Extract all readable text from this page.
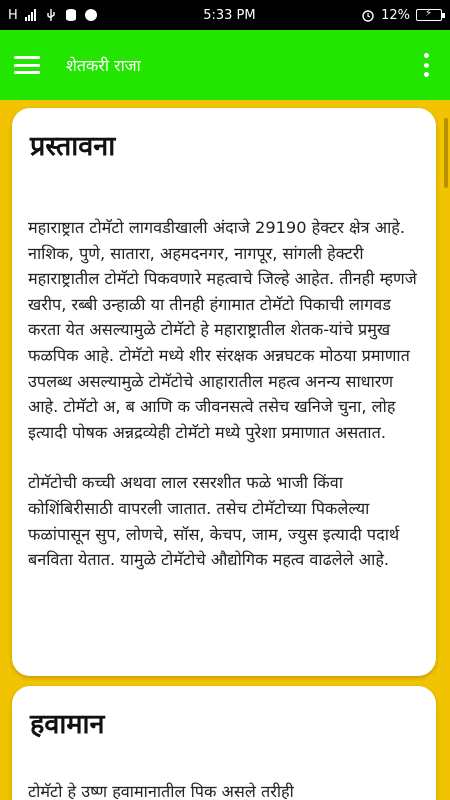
H	5:33 PM	12% ⚡
शेतकरी राजा
प्रस्तावना

महाराष्ट्रात टोमॅटो लागवडीखाली अंदाजे 29190 हेक्टर क्षेत्र आहे. नाशिक, पुणे, सातारा, अहमदनगर, नागपूर, सांगली हेक्टरी महाराष्ट्रातील टोमॅटो पिकवणारे महत्वाचे जिल्हे आहेत. तीनही म्हणजे खरीप, रब्बी उन्हाळी या तीनही हंगामात टोमॅटो पिकाची लागवड करता येत असल्यामुळे टोमॅटो हे महाराष्ट्रातील शेतक-यांचे प्रमुख फळपिक आहे. टोमॅटो मध्ये शीर संरक्षक अन्नघटक मोठया प्रमाणात उपलब्ध असल्यामुळे टोमॅटोचे आहारातील महत्व अनन्य साधारण आहे. टोमॅटो अ, ब आणि क जीवनसत्वे तसेच खनिजे चुना, लोह इत्यादी पोषक अन्नद्रव्येही टोमॅटो मध्ये पुरेशा प्रमाणात असतात.

टोमॅटोची कच्ची अथवा लाल रसरशीत फळे भाजी किंवा कोशिंबिरीसाठी वापरली जातात. तसेच टोमॅटोच्या पिकलेल्या फळांपासून सुप, लोणचे, सॉस, केचप, जाम, ज्युस इत्यादी पदार्थ बनविता येतात. यामुळे टोमॅटोचे औद्योगिक महत्व वाढलेले आहे.

हवामान

टोमॅटो हे उष्ण हवामानातील पिक असले तरीही
